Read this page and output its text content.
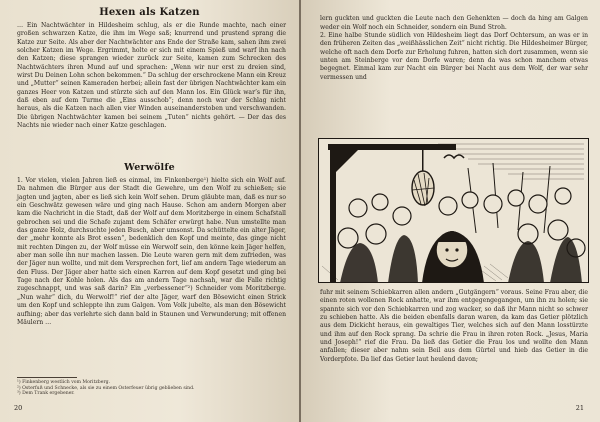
Hexen als Katzen

… Ein Nachtwächter in Hildesheim schlug, als er die Runde machte, nach einer großen schwarzen Katze, die ihm im Wege saß; knurrend und prustend sprang die Katze zur Seite. Als aber der Nachtwächter ans Ende der Straße kam, sahen ihm zwei solcher Katzen im Wege. Ergrimmt, holte er sich mit einem Spieß und warf ihn nach den Katzen; diese sprangen wieder zurück zur Seite, kamen zum Schrecken des Nachtwächters ihren Mund auf und sprachen: „Wenn wir nur erst zu dreien sind, wirst Du Deinen Lohn schon bekommen.“ Da schlug der erschrockene Mann ein Kreuz und „Mutter“ seinen Kameraden herbei; allein fast der übrigen Nachtwächter kam ein ganzes Heer von Katzen und stürzte sich auf den Mann los. Ein Glück war’s für ihn, daß eben auf dem Turme die „Eins ausschob“; denn noch war der Schlag nicht heraus, als die Katzen nach allen vier Winden auseinanderstoben und verschwanden. Die übrigen Nachtwächter kamen bei seinem „Tuten“ nichts gehört. — Der das des Nachts nie wieder nach einer Katze geschlagen.

Werwölfe

1. Vor vielen, vielen Jahren ließ es einmal, im Finkenberge¹) hielte sich ein Wolf auf. Da nahmen die Bürger aus der Stadt die Gewehre, um den Wolf zu schießen; sie jagten und jagten, aber es ließ sich kein Wolf sehen. Drum gläubte man, daß es nur so ein Geschwätz gewesen wäre und ging nach Hause. Schon am andern Morgen aber kam die Nachricht in die Stadt, daß der Wolf auf dem Moritzberge in einem Schafstall gebrochen sei und die Schafe zujamt dem Schäfer erwürgt habe. Nun umstellte man das ganze Holz, durchsuchte jeden Busch, aber umsonst. Da schüttelte ein alter Jäger, der „mehr konnte als Brot essen“, bedenklich den Kopf und meinte, das ginge nicht mit rechten Dingen zu, der Wolf müsse ein Werwolf sein, den könne kein Jäger helfen, aber man solle ihn nur machen lassen. Die Leute waren gern mit dem zufrieden, was der Jäger nun wollte, und mit dem Versprechen fort, lief am andern Tage wiederum an den Fluss. Der Jäger aber hatte sich einen Karren auf dem Kopf gesetzt und ging bei Tage nach der Kohle holen. Als das am andern Tage nachsah, war die Falle richtig zugeschnappt, und was saß darin? Ein „verbessener“²) Schneider vom Moritzberge. „Nun wahr“ dich, du Werwolf!“ rief der alte Jäger, warf den Bösewicht einen Strick um den Kopf und schleppte ihn zum Galgen. Vom Volk jubelte, als man den Bösewicht aufhing; aber das verlehrte sich dann bald in Staunen und Verwunderung; mit offenen Mäulern …

¹) Finkenberg westlich vom Moritzberg.
²) Osterfuß und Schnecke, als sie zu einem Osterfeuer übrig geblieben sind.
³) Dem Trank ergebener.
20

lern guckten und guckten die Leute nach den Gehenkten — doch da hing am Galgen weder ein Wolf noch ein Schneider, sondern ein Bund Stroh.
2. Eine halbe Stunde südlich von Hildesheim liegt das Dorf Ochtersum, an was er in den früheren Zeiten das „weißhässlichen Zeit“ nicht richtig. Die Hildesheimer Bürger, welche oft nach dem Dorfe zur Erholung fuhren, hatten sich dort zusammen, wenn sie unten am Steinberge vor dem Dorfe waren; denn da was schon manchem etwas begegnet. Einmal kam zur Nacht ein Bürger bei Nacht aus dem Wolf, der war sehr vermessen und

fuhr mit seinem Schiebkarren allen andern „Gutgängern“ voraus. Seine Frau aber, die einen roten wollenen Rock anhatte, war ihm entgegengegangen, um ihn zu holen; sie spannte sich vor den Schiebkarren und zog wacker, so daß ihr Mann nicht so schwer zu schieben hatte. Als die beiden ebenfalls daran waren, da kam das Getier plötzlich aus dem Dickicht heraus, ein gewaltiges Tier, welches sich auf den Mann losstürzte und ihm auf den Rock sprang. Da schrie die Frau in ihren roten Rock. „Jesus, Maria und Joseph!“ rief die Frau. Da ließ das Getier die Frau los und wollte den Mann anfallen; dieser aber nahm sein Beil aus dem Gürtel und hieb das Getier in die Vorderpfote. Da lief das Getier laut heulend davon;

21
